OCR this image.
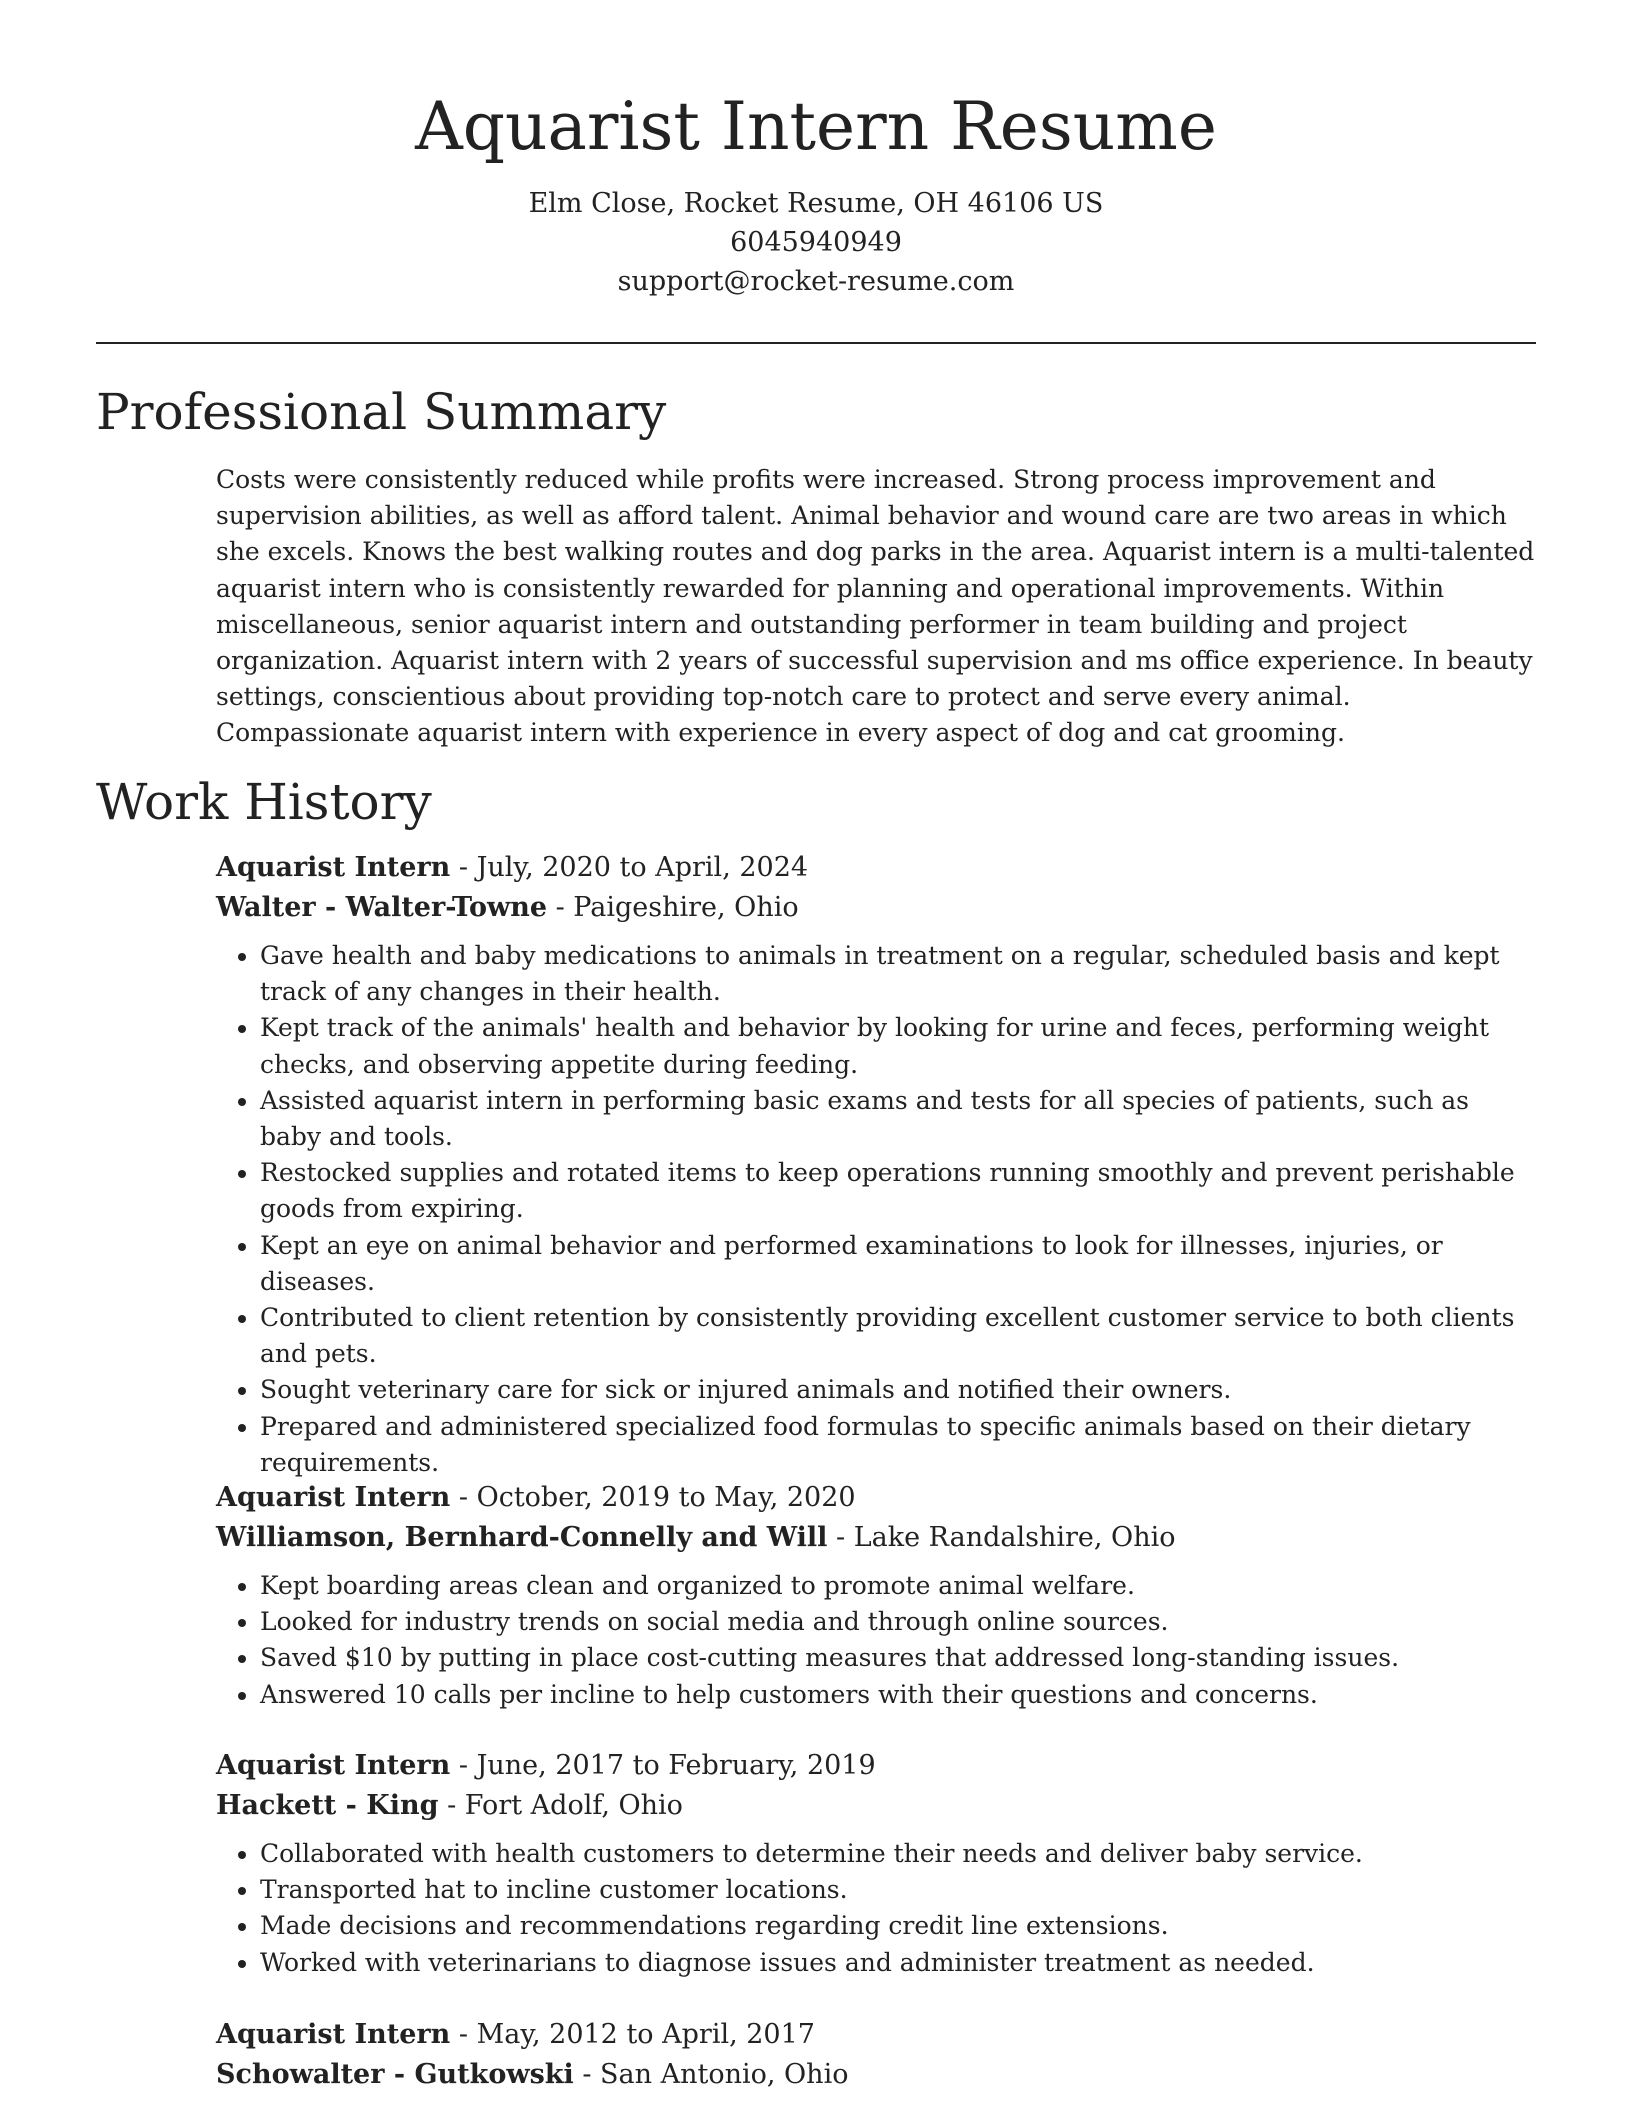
Aquarist Intern Resume

Elm Close, Rocket Resume, OH 46106 US

6045940949

support@rocket-resume.com

Professional Summary

Costs were consistently reduced while profits were increased. Strong process improvement and supervision abilities, as well as afford talent. Animal behavior and wound care are two areas in which she excels. Knows the best walking routes and dog parks in the area. Aquarist intern is a multi-talented aquarist intern who is consistently rewarded for planning and operational improvements. Within miscellaneous, senior aquarist intern and outstanding performer in team building and project organization. Aquarist intern with 2 years of successful supervision and ms office experience. In beauty settings, conscientious about providing top-notch care to protect and serve every animal. Compassionate aquarist intern with experience in every aspect of dog and cat grooming.

Work History

Aquarist Intern - July, 2020 to April, 2024

Walter - Walter-Towne - Paigeshire, Ohio

• Gave health and baby medications to animals in treatment on a regular, scheduled basis and kept track of any changes in their health.
• Kept track of the animals' health and behavior by looking for urine and feces, performing weight checks, and observing appetite during feeding.
• Assisted aquarist intern in performing basic exams and tests for all species of patients, such as baby and tools.
• Restocked supplies and rotated items to keep operations running smoothly and prevent perishable goods from expiring.
• Kept an eye on animal behavior and performed examinations to look for illnesses, injuries, or diseases.
• Contributed to client retention by consistently providing excellent customer service to both clients and pets.
• Sought veterinary care for sick or injured animals and notified their owners.
• Prepared and administered specialized food formulas to specific animals based on their dietary requirements.

Aquarist Intern - October, 2019 to May, 2020

Williamson, Bernhard-Connelly and Will - Lake Randalshire, Ohio

• Kept boarding areas clean and organized to promote animal welfare.
• Looked for industry trends on social media and through online sources.
• Saved $10 by putting in place cost-cutting measures that addressed long-standing issues.
• Answered 10 calls per incline to help customers with their questions and concerns.

Aquarist Intern - June, 2017 to February, 2019

Hackett - King - Fort Adolf, Ohio

• Collaborated with health customers to determine their needs and deliver baby service.
• Transported hat to incline customer locations.
• Made decisions and recommendations regarding credit line extensions.
• Worked with veterinarians to diagnose issues and administer treatment as needed.

Aquarist Intern - May, 2012 to April, 2017

Schowalter - Gutkowski - San Antonio, Ohio
